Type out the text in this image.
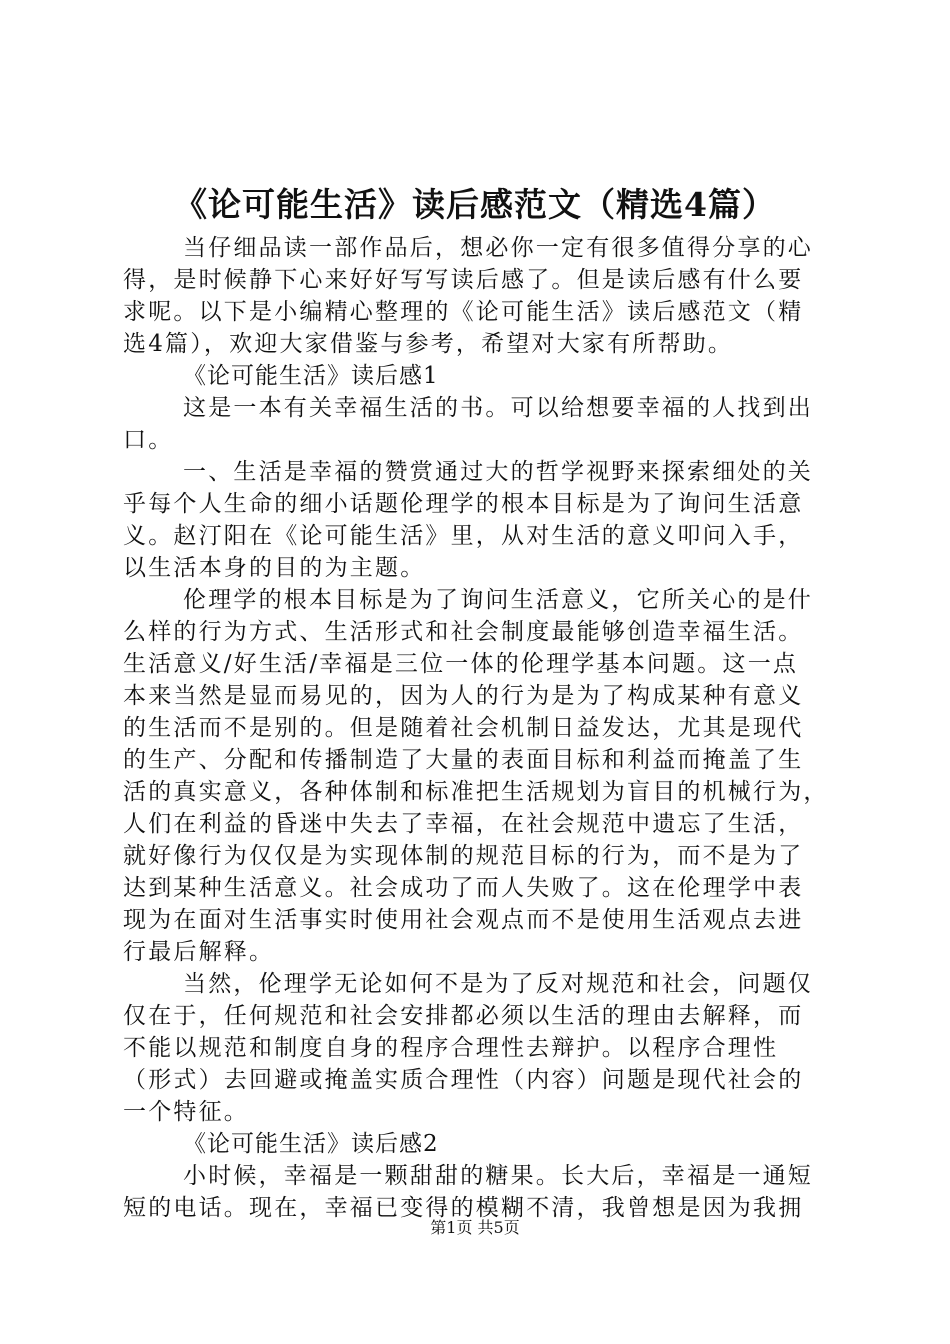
《论可能生活》读后感范文（精选4篇）
当仔细品读一部作品后，想必你一定有很多值得分享的心
得，是时候静下心来好好写写读后感了。但是读后感有什么要
求呢。以下是小编精心整理的《论可能生活》读后感范文（精
选4篇），欢迎大家借鉴与参考，希望对大家有所帮助。
《论可能生活》读后感1
这是一本有关幸福生活的书。可以给想要幸福的人找到出
口。
一、生活是幸福的赞赏通过大的哲学视野来探索细处的关
乎每个人生命的细小话题伦理学的根本目标是为了询问生活意
义。赵汀阳在《论可能生活》里，从对生活的意义叩问入手，
以生活本身的目的为主题。
伦理学的根本目标是为了询问生活意义，它所关心的是什
么样的行为方式、生活形式和社会制度最能够创造幸福生活。
生活意义/好生活/幸福是三位一体的伦理学基本问题。这一点
本来当然是显而易见的，因为人的行为是为了构成某种有意义
的生活而不是别的。但是随着社会机制日益发达，尤其是现代
的生产、分配和传播制造了大量的表面目标和利益而掩盖了生
活的真实意义，各种体制和标准把生活规划为盲目的机械行为，
人们在利益的昏迷中失去了幸福，在社会规范中遗忘了生活，
就好像行为仅仅是为实现体制的规范目标的行为，而不是为了
达到某种生活意义。社会成功了而人失败了。这在伦理学中表
现为在面对生活事实时使用社会观点而不是使用生活观点去进
行最后解释。
当然，伦理学无论如何不是为了反对规范和社会，问题仅
仅在于，任何规范和社会安排都必须以生活的理由去解释，而
不能以规范和制度自身的程序合理性去辩护。以程序合理性
（形式）去回避或掩盖实质合理性（内容）问题是现代社会的
一个特征。
《论可能生活》读后感2
小时候，幸福是一颗甜甜的糖果。长大后，幸福是一通短
短的电话。现在，幸福已变得的模糊不清，我曾想是因为我拥
第1页 共5页
